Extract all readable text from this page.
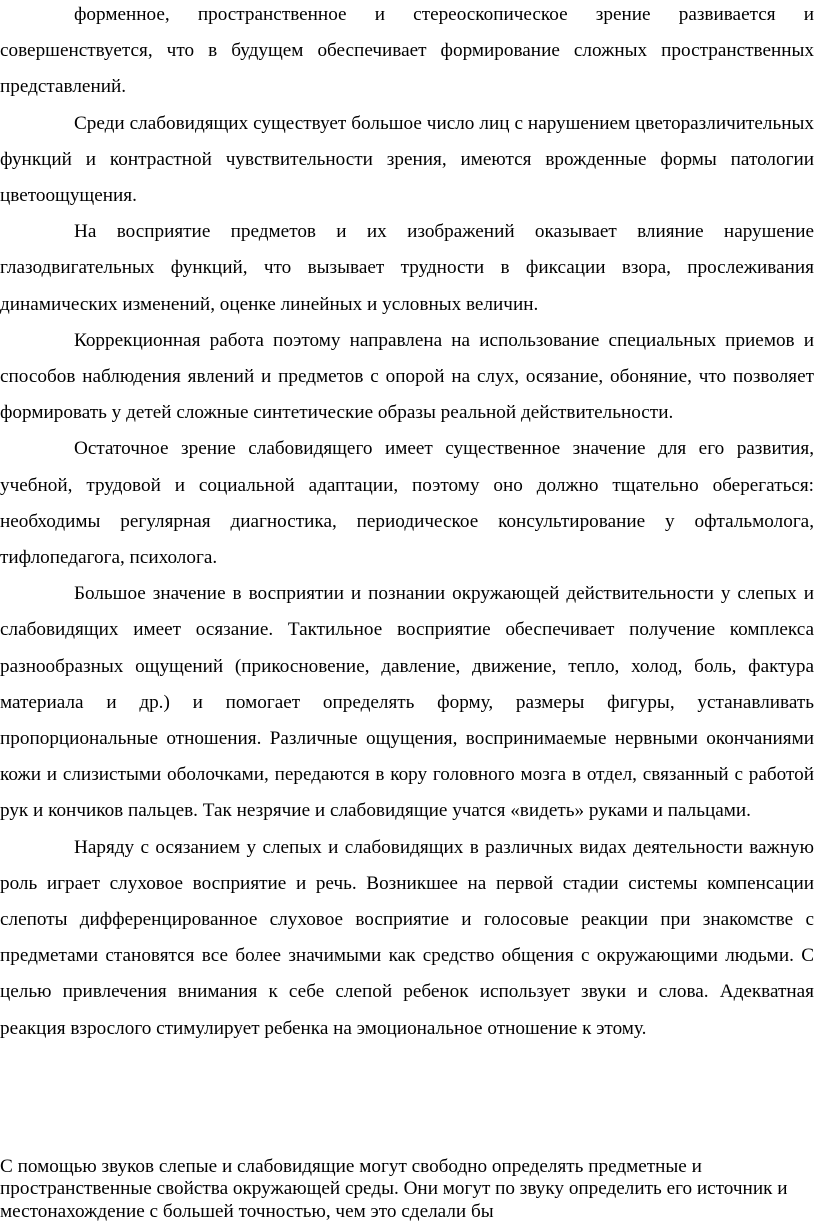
форменное, пространственное и стереоскопическое зрение развивается и совершенствуется, что в будущем обеспечивает формирование сложных пространственных представлений.

Среди слабовидящих существует большое число лиц с нарушением цветоразличительных функций и контрастной чувствительности зрения, имеются врожденные формы патологии цветоощущения.

На восприятие предметов и их изображений оказывает влияние нарушение глазодвигательных функций, что вызывает трудности в фиксации взора, прослеживания динамических изменений, оценке линейных и условных величин.

Коррекционная работа поэтому направлена на использование специальных приемов и способов наблюдения явлений и предметов с опорой на слух, осязание, обоняние, что позволяет формировать у детей сложные синтетические образы реальной действительности.

Остаточное зрение слабовидящего имеет существенное значение для его развития, учебной, трудовой и социальной адаптации, поэтому оно должно тщательно оберегаться: необходимы регулярная диагностика, периодическое консультирование у офтальмолога, тифлопедагога, психолога.

Большое значение в восприятии и познании окружающей действительности у слепых и слабовидящих имеет осязание. Тактильное восприятие обеспечивает получение комплекса разнообразных ощущений (прикосновение, давление, движение, тепло, холод, боль, фактура материала и др.) и помогает определять форму, размеры фигуры, устанавливать пропорциональные отношения. Различные ощущения, воспринимаемые нервными окончаниями кожи и слизистыми оболочками, передаются в кору головного мозга в отдел, связанный с работой рук и кончиков пальцев. Так незрячие и слабовидящие учатся «видеть» руками и пальцами.

Наряду с осязанием у слепых и слабовидящих в различных видах деятельности важную роль играет слуховое восприятие и речь. Возникшее на первой стадии системы компенсации слепоты дифференцированное слуховое восприятие и голосовые реакции при знакомстве с предметами становятся все более значимыми как средство общения с окружающими людьми. С целью привлечения внимания к себе слепой ребенок использует звуки и слова. Адекватная реакция взрослого стимулирует ребенка на эмоциональное отношение к этому.

С помощью звуков слепые и слабовидящие могут свободно определять предметные и пространственные свойства окружающей среды. Они могут по звуку определить его источник и местонахождение с большей точностью, чем это сделали бы
